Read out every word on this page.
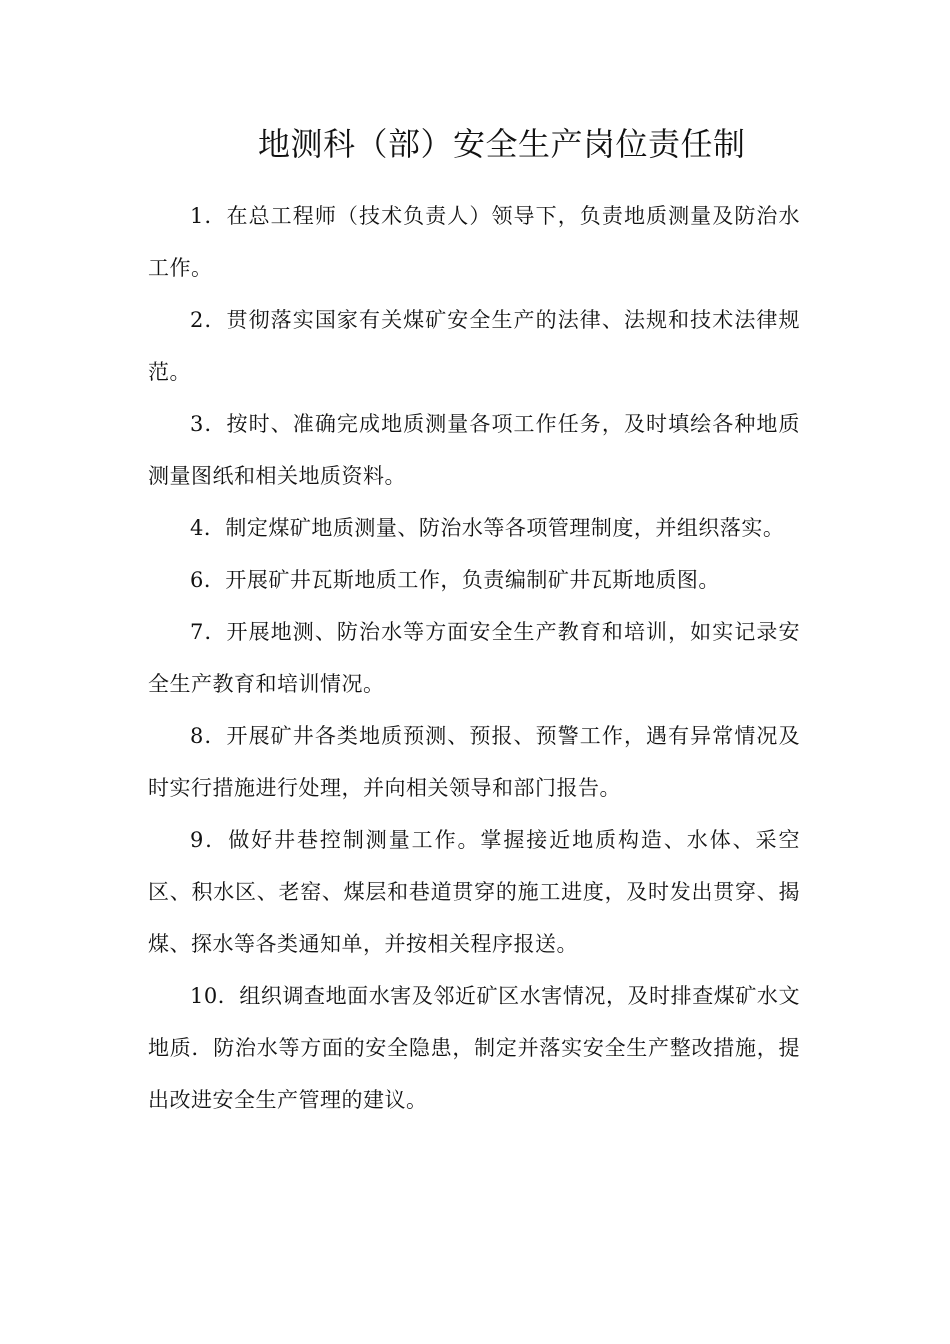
地测科（部）安全生产岗位责任制

1．在总工程师（技术负责人）领导下，负责地质测量及防治水工作。

2．贯彻落实国家有关煤矿安全生产的法律、法规和技术法律规范。

3．按时、准确完成地质测量各项工作任务，及时填绘各种地质测量图纸和相关地质资料。

4．制定煤矿地质测量、防治水等各项管理制度，并组织落实。

6．开展矿井瓦斯地质工作，负责编制矿井瓦斯地质图。

7．开展地测、防治水等方面安全生产教育和培训，如实记录安全生产教育和培训情况。

8．开展矿井各类地质预测、预报、预警工作，遇有异常情况及时实行措施进行处理，并向相关领导和部门报告。

9．做好井巷控制测量工作。掌握接近地质构造、水体、采空区、积水区、老窑、煤层和巷道贯穿的施工进度，及时发出贯穿、揭煤、探水等各类通知单，并按相关程序报送。

10．组织调查地面水害及邻近矿区水害情况，及时排查煤矿水文地质．防治水等方面的安全隐患，制定并落实安全生产整改措施，提出改进安全生产管理的建议。
